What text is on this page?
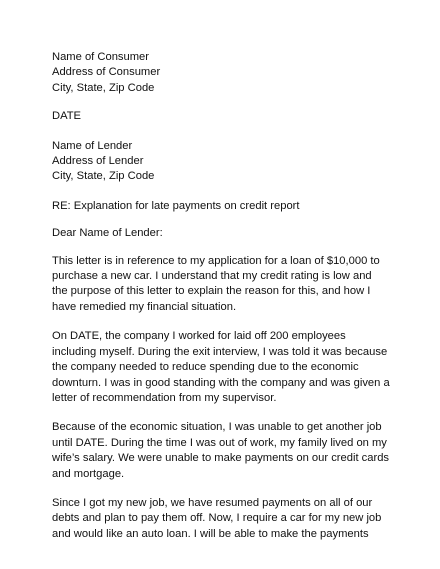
Name of Consumer
Address of Consumer
City, State, Zip Code
DATE
Name of Lender
Address of Lender
City, State, Zip Code
RE: Explanation for late payments on credit report
Dear Name of Lender:
This letter is in reference to my application for a loan of $10,000 to
purchase a new car. I understand that my credit rating is low and
the purpose of this letter to explain the reason for this, and how I
have remedied my financial situation.
On DATE, the company I worked for laid off 200 employees
including myself. During the exit interview, I was told it was because
the company needed to reduce spending due to the economic
downturn. I was in good standing with the company and was given a
letter of recommendation from my supervisor.
Because of the economic situation, I was unable to get another job
until DATE. During the time I was out of work, my family lived on my
wife’s salary. We were unable to make payments on our credit cards
and mortgage.
Since I got my new job, we have resumed payments on all of our
debts and plan to pay them off. Now, I require a car for my new job
and would like an auto loan. I will be able to make the payments
